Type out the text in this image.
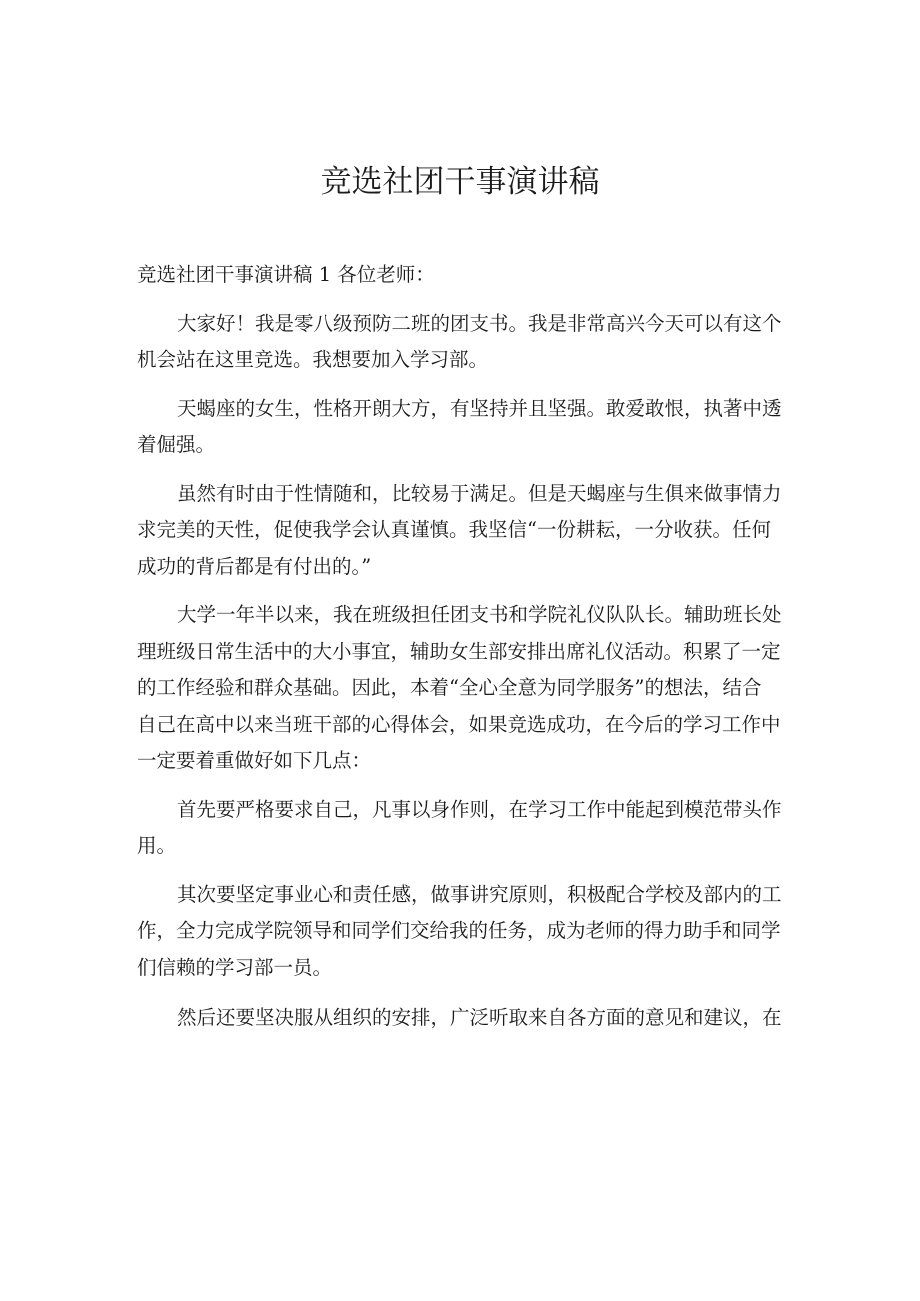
竞选社团干事演讲稿
竞选社团干事演讲稿 1 各位老师：
大家好！我是零八级预防二班的团支书。我是非常高兴今天可以有这个
机会站在这里竞选。我想要加入学习部。
天蝎座的女生，性格开朗大方，有坚持并且坚强。敢爱敢恨，执著中透
着倔强。
虽然有时由于性情随和，比较易于满足。但是天蝎座与生俱来做事情力
求完美的天性，促使我学会认真谨慎。我坚信“一份耕耘，一分收获。任何
成功的背后都是有付出的。”
大学一年半以来，我在班级担任团支书和学院礼仪队队长。辅助班长处
理班级日常生活中的大小事宜，辅助女生部安排出席礼仪活动。积累了一定
的工作经验和群众基础。因此，本着“全心全意为同学服务”的想法，结合
自己在高中以来当班干部的心得体会，如果竞选成功，在今后的学习工作中
一定要着重做好如下几点：
首先要严格要求自己，凡事以身作则，在学习工作中能起到模范带头作
用。
其次要坚定事业心和责任感，做事讲究原则，积极配合学校及部内的工
作，全力完成学院领导和同学们交给我的任务，成为老师的得力助手和同学
们信赖的学习部一员。
然后还要坚决服从组织的安排，广泛听取来自各方面的意见和建议，在
